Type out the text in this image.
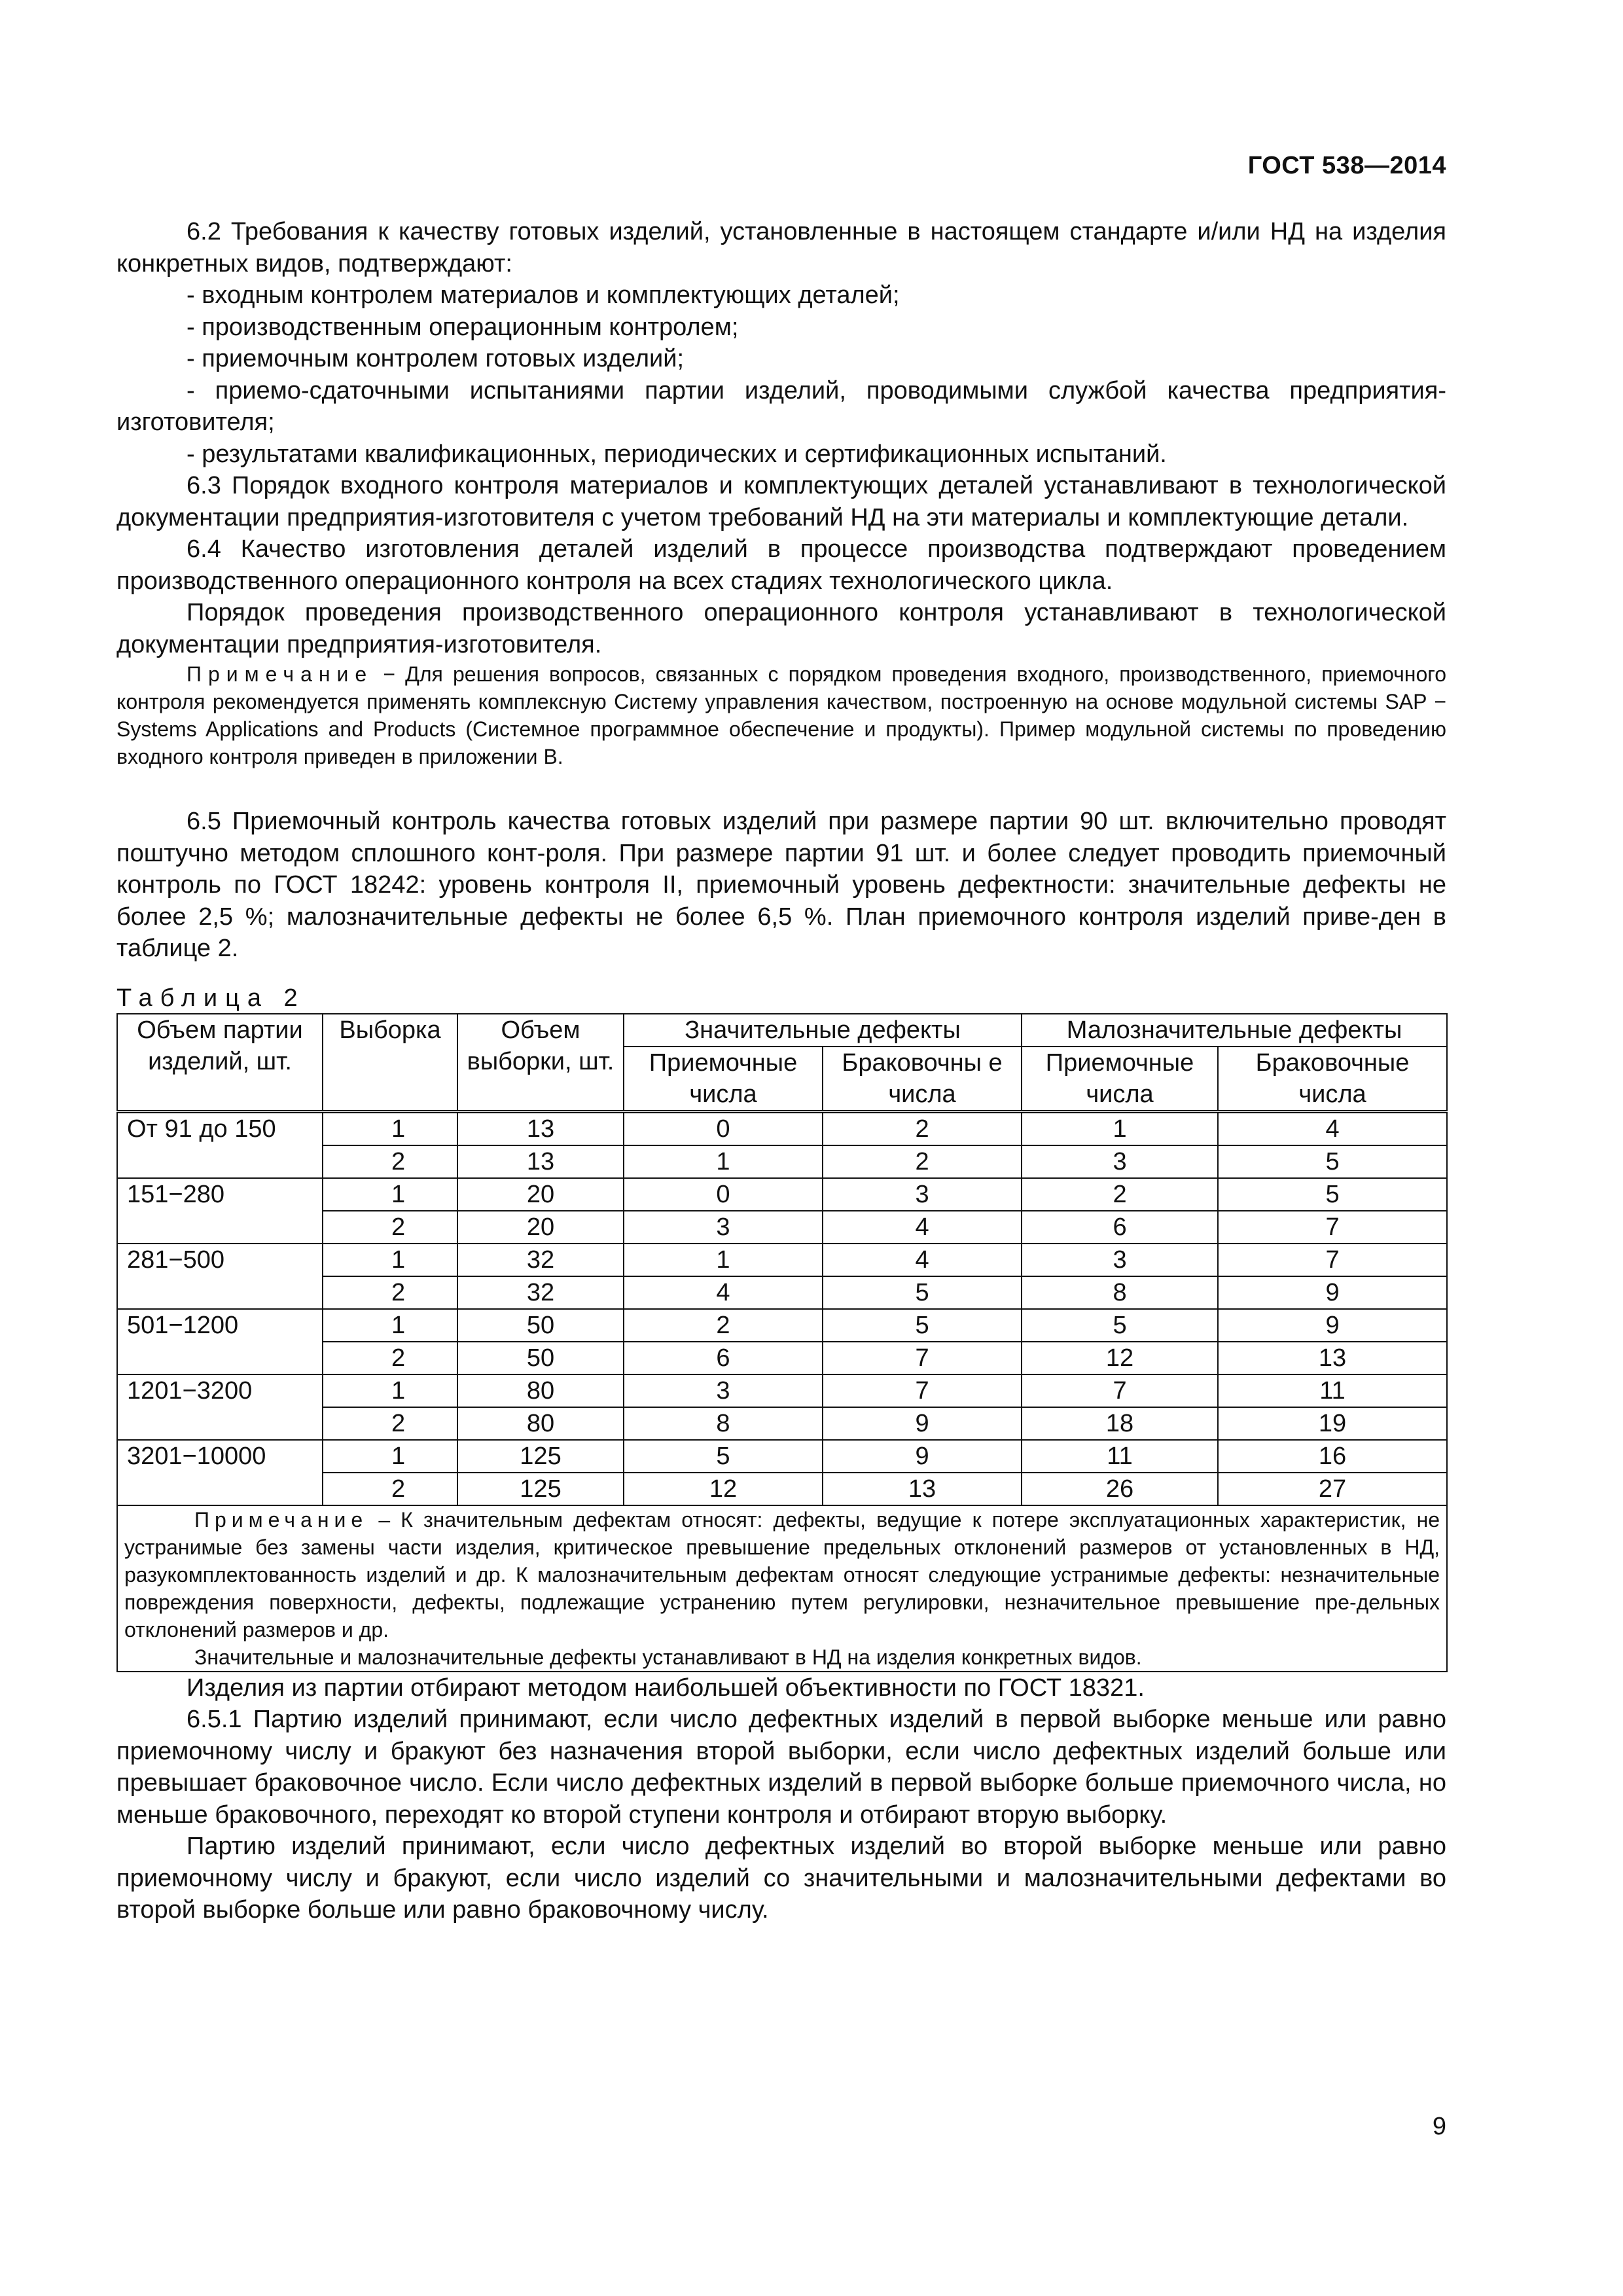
ГОСТ 538—2014

6.2 Требования к качеству готовых изделий, установленные в настоящем стандарте и/или НД на изделия конкретных видов, подтверждают:

- входным контролем материалов и комплектующих деталей;

- производственным операционным контролем;

- приемочным контролем готовых изделий;

- приемо-сдаточными испытаниями партии изделий, проводимыми службой качества предприятия-изготовителя;

- результатами квалификационных, периодических и сертификационных испытаний.

6.3 Порядок входного контроля материалов и комплектующих деталей устанавливают в технологической документации предприятия-изготовителя с учетом требований НД на эти материалы и комплектующие детали.

6.4 Качество изготовления деталей изделий в процессе производства подтверждают проведением производственного операционного контроля на всех стадиях технологического цикла.

Порядок проведения производственного операционного контроля устанавливают в технологической документации предприятия-изготовителя.

Примечание − Для решения вопросов, связанных с порядком проведения входного, производственного, приемочного контроля рекомендуется применять комплексную Систему управления качеством, построенную на основе модульной системы SAP − Systems Applications and Products (Системное программное обеспечение и продукты). Пример модульной системы по проведению входного контроля приведен в приложении В.

6.5 Приемочный контроль качества готовых изделий при размере партии 90 шт. включительно проводят поштучно методом сплошного конт-роля. При размере партии 91 шт. и более следует проводить приемочный контроль по ГОСТ 18242: уровень контроля II, приемочный уровень дефектности: значительные дефекты не более 2,5 %; малозначительные дефекты не более 6,5 %. План приемочного контроля изделий приве-ден в таблице 2.

Таблица 2
Объем партии изделий, шт.	Выборка	Объем выборки, шт.	Значительные дефекты		Малозначительные дефекты	
			Приемочные числа	Браковочны е числа	Приемочные числа	Браковочные числа
От 91 до 150	1	13	0	2	1	4
	2	13	1	2	3	5
151−280	1	20	0	3	2	5
	2	20	3	4	6	7
281−500	1	32	1	4	3	7
	2	32	4	5	8	9
501−1200	1	50	2	5	5	9
	2	50	6	7	12	13
1201−3200	1	80	3	7	7	11
	2	80	8	9	18	19
3201−10000	1	125	5	9	11	16
	2	125	12	13	26	27

Примечание – К значительным дефектам относят: дефекты, ведущие к потере эксплуатационных характеристик, не устранимые без замены части изделия, критическое превышение предельных отклонений размеров от установленных в НД, разукомплектованность изделий и др. К малозначительным дефектам относят следующие устранимые дефекты: незначительные повреждения поверхности, дефекты, подлежащие устранению путем регулировки, незначительное превышение пре-дельных отклонений размеров и др.

Значительные и малозначительные дефекты устанавливают в НД на изделия конкретных видов.						

Изделия из партии отбирают методом наибольшей объективности по ГОСТ 18321.

6.5.1 Партию изделий принимают, если число дефектных изделий в первой выборке меньше или равно приемочному числу и бракуют без назначения второй выборки, если число дефектных изделий больше или превышает браковочное число. Если число дефектных изделий в первой выборке больше приемочного числа, но меньше браковочного, переходят ко второй ступени контроля и отбирают вторую выборку.

Партию изделий принимают, если число дефектных изделий во второй выборке меньше или равно приемочному числу и бракуют, если число изделий со значительными и малозначительными дефектами во второй выборке больше или равно браковочному числу.

9
